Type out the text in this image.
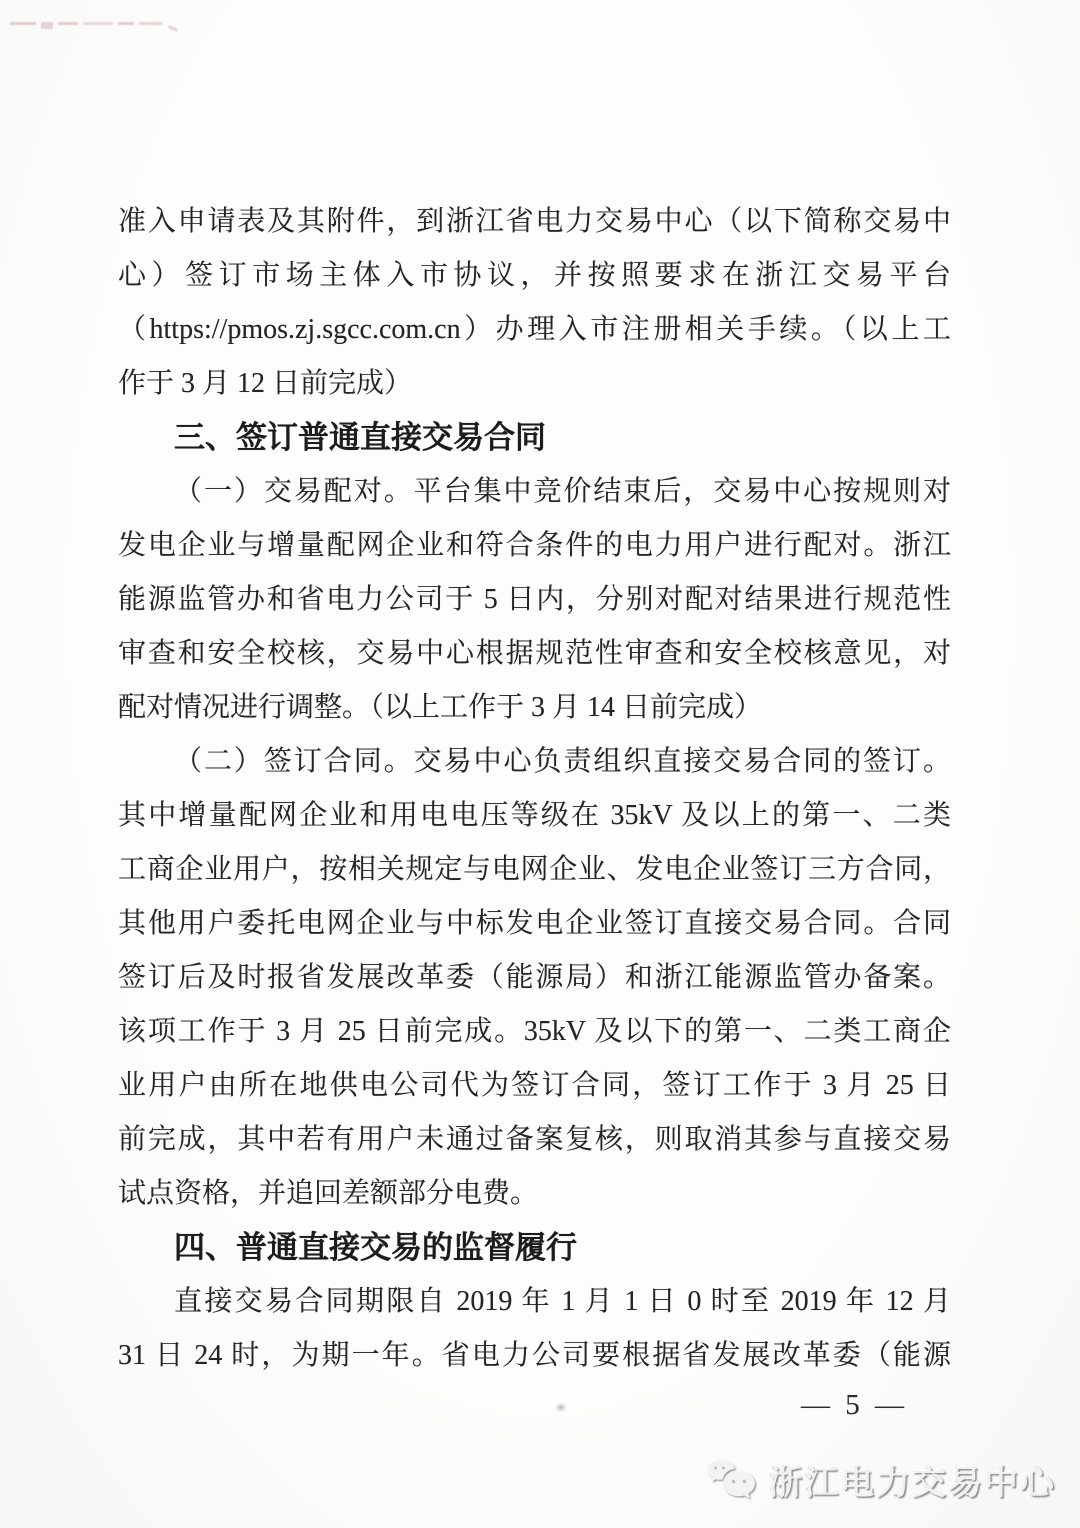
准入申请表及其附件，到浙江省电力交易中心（以下简称交易中
心）签订市场主体入市协议，并按照要求在浙江交易平台
（https://pmos.zj.sgcc.com.cn）办理入市注册相关手续。（以上工
作于 3 月 12 日前完成）
三、签订普通直接交易合同
（一）交易配对。平台集中竞价结束后，交易中心按规则对
发电企业与增量配网企业和符合条件的电力用户进行配对。浙江
能源监管办和省电力公司于 5 日内，分别对配对结果进行规范性
审查和安全校核，交易中心根据规范性审查和安全校核意见，对
配对情况进行调整。（以上工作于 3 月 14 日前完成）
（二）签订合同。交易中心负责组织直接交易合同的签订。
其中增量配网企业和用电电压等级在 35kV 及以上的第一、二类
工商企业用户，按相关规定与电网企业、发电企业签订三方合同，
其他用户委托电网企业与中标发电企业签订直接交易合同。合同
签订后及时报省发展改革委（能源局）和浙江能源监管办备案。
该项工作于 3 月 25 日前完成。35kV 及以下的第一、二类工商企
业用户由所在地供电公司代为签订合同，签订工作于 3 月 25 日
前完成，其中若有用户未通过备案复核，则取消其参与直接交易
试点资格，并追回差额部分电费。
四、普通直接交易的监督履行
直接交易合同期限自 2019 年 1 月 1 日 0 时至 2019 年 12 月
31 日 24 时，为期一年。省电力公司要根据省发展改革委（能源
— 5 —
浙江电力交易中心
